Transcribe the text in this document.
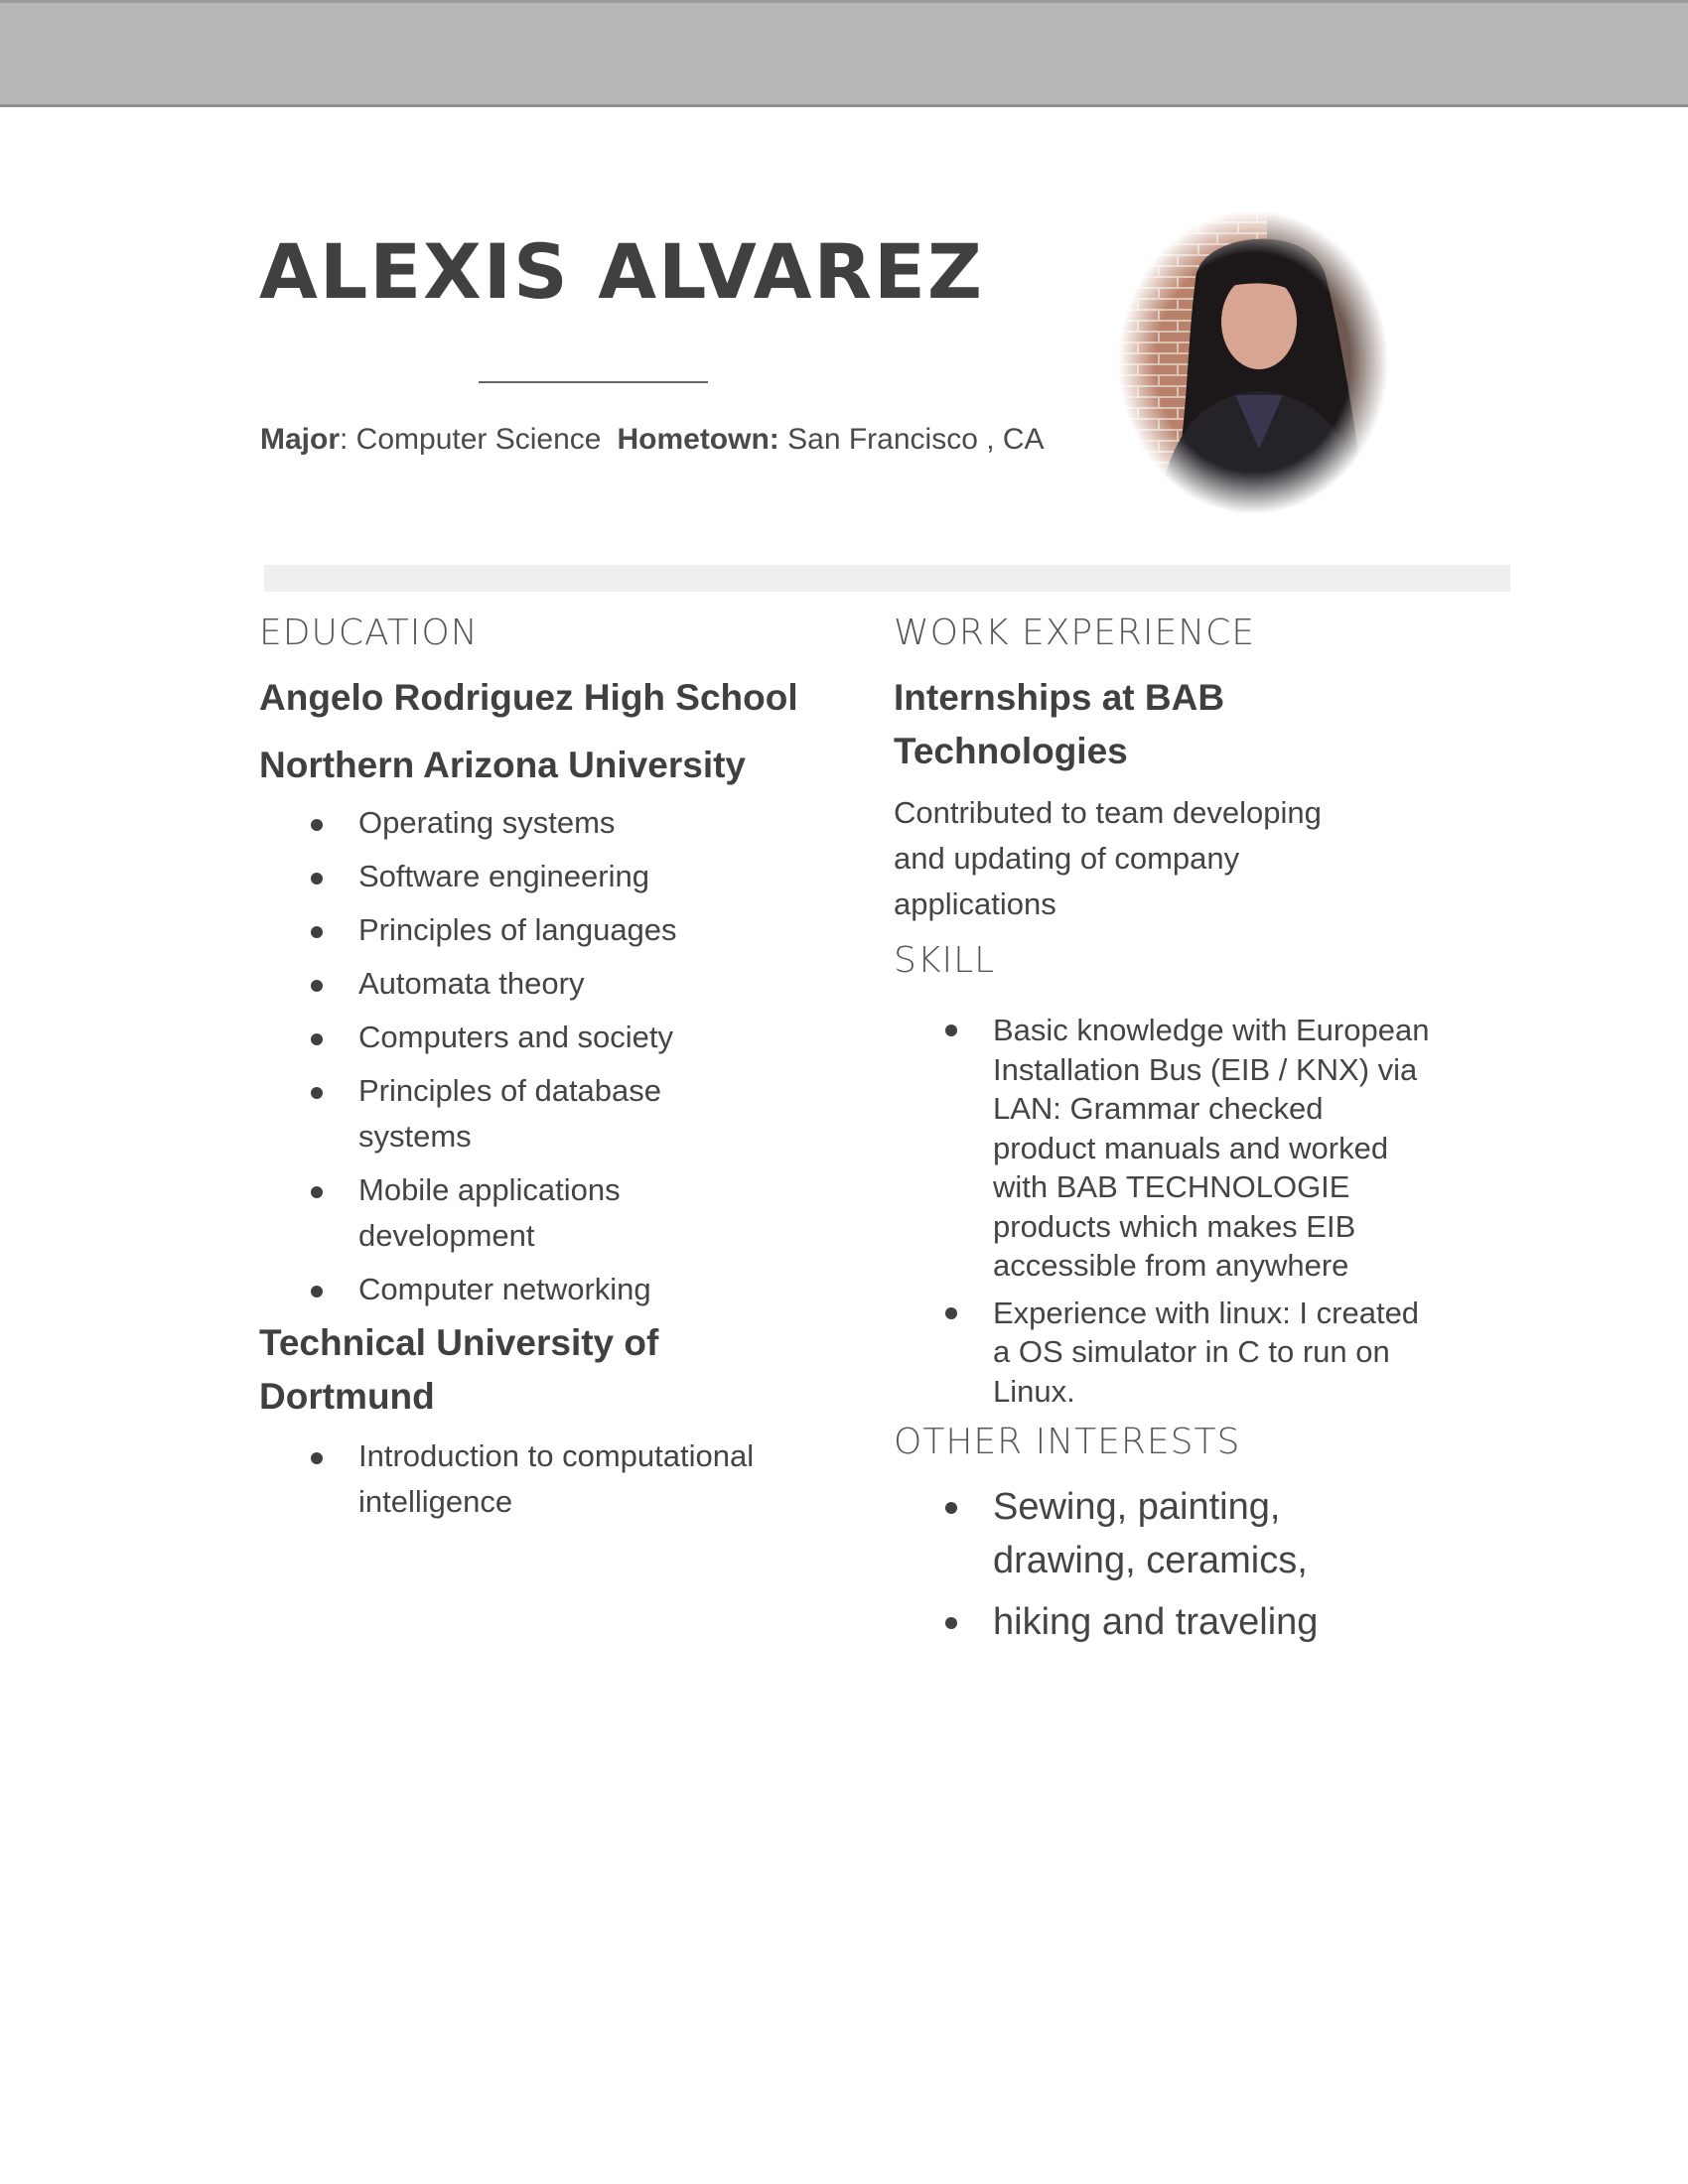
ALEXIS ALVAREZ
Major: Computer Science Hometown: San Francisco , CA
EDUCATION
Angelo Rodriguez High School
Northern Arizona University
Operating systems
Software engineering
Principles of languages
Automata theory
Computers and society
Principles of database systems
Mobile applications development
Computer networking
Technical University of Dortmund
Introduction to computational intelligence
WORK EXPERIENCE
Internships at BAB Technologies
Contributed to team developing and updating of company applications
SKILL
Basic knowledge with European Installation Bus (EIB / KNX) via LAN: Grammar checked product manuals and worked with BAB TECHNOLOGIE products which makes EIB accessible from anywhere
Experience with linux: I created a OS simulator in C to run on Linux.
OTHER INTERESTS
Sewing, painting, drawing, ceramics,
hiking and traveling
